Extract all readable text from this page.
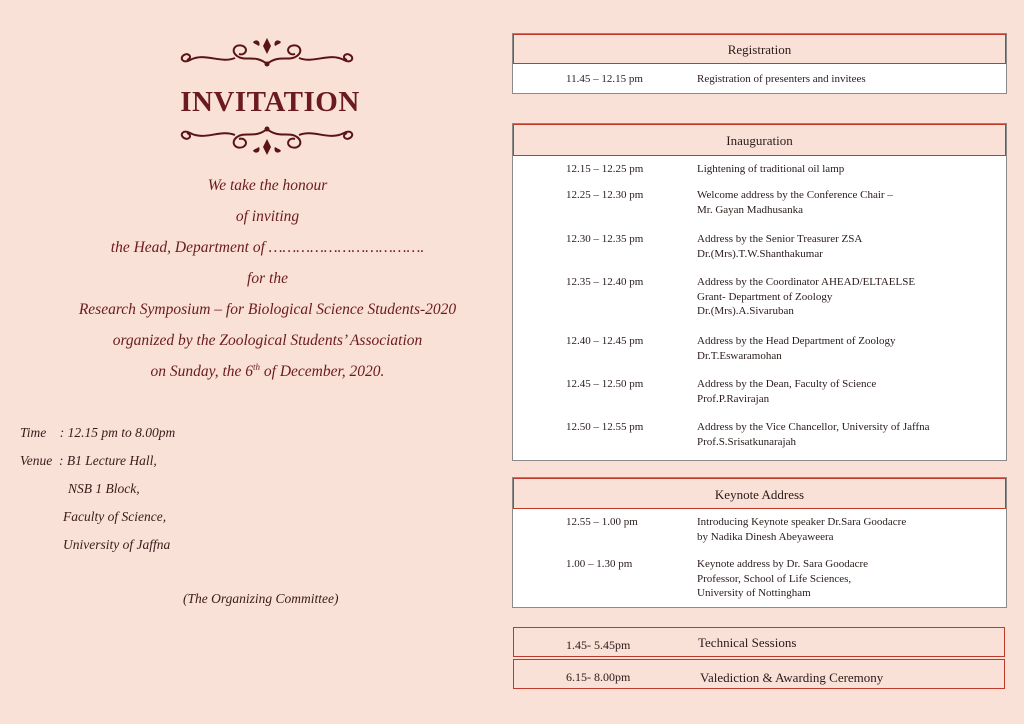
INVITATION
We take the honour
of inviting
the Head, Department of …………………………….
for the
Research Symposium – for Biological Science Students-2020
organized by the Zoological Students’ Association
on Sunday, the 6th of December, 2020.
Time    : 12.15 pm to 8.00pm
Venue  : B1 Lecture Hall,
NSB 1 Block,
Faculty of Science,
University of Jaffna
(The Organizing Committee)
Registration
11.45 – 12.15 pm	Registration of presenters and invitees
Inauguration
12.15 – 12.25 pm	Lightening of traditional oil lamp
12.25 – 12.30 pm	Welcome address by the Conference Chair –
Mr. Gayan Madhusanka
12.30 – 12.35 pm	Address by the Senior Treasurer ZSA
Dr.(Mrs).T.W.Shanthakumar
12.35 – 12.40 pm	Address by the Coordinator AHEAD/ELTAELSE
Grant- Department of Zoology
Dr.(Mrs).A.Sivaruban
12.40 – 12.45 pm	Address by the Head Department of Zoology
Dr.T.Eswaramohan
12.45 – 12.50 pm	Address by the Dean, Faculty of Science
Prof.P.Ravirajan
12.50 – 12.55 pm	Address by the Vice Chancellor, University of Jaffna
Prof.S.Srisatkunarajah
Keynote Address
12.55 – 1.00 pm	Introducing Keynote speaker Dr.Sara Goodacre
by Nadika Dinesh Abeyaweera
1.00 – 1.30 pm	Keynote address by Dr. Sara Goodacre
Professor, School of Life Sciences,
University of Nottingham
1.45- 5.45pm	Technical Sessions
6.15- 8.00pm	Valediction & Awarding Ceremony
